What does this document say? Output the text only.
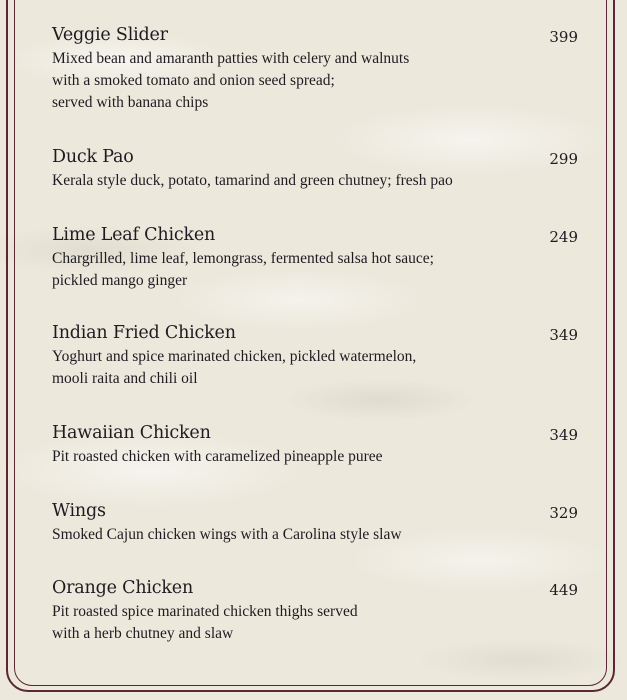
Veggie Slider	399
Mixed bean and amaranth patties with celery and walnuts
with a smoked tomato and onion seed spread;
served with banana chips
Duck Pao	299
Kerala style duck, potato, tamarind and green chutney; fresh pao
Lime Leaf Chicken	249
Chargrilled, lime leaf, lemongrass, fermented salsa hot sauce;
pickled mango ginger
Indian Fried Chicken	349
Yoghurt and spice marinated chicken, pickled watermelon,
mooli raita and chili oil
Hawaiian Chicken	349
Pit roasted chicken with caramelized pineapple puree
Wings	329
Smoked Cajun chicken wings with a Carolina style slaw
Orange Chicken	449
Pit roasted spice marinated chicken thighs served
with a herb chutney and slaw
